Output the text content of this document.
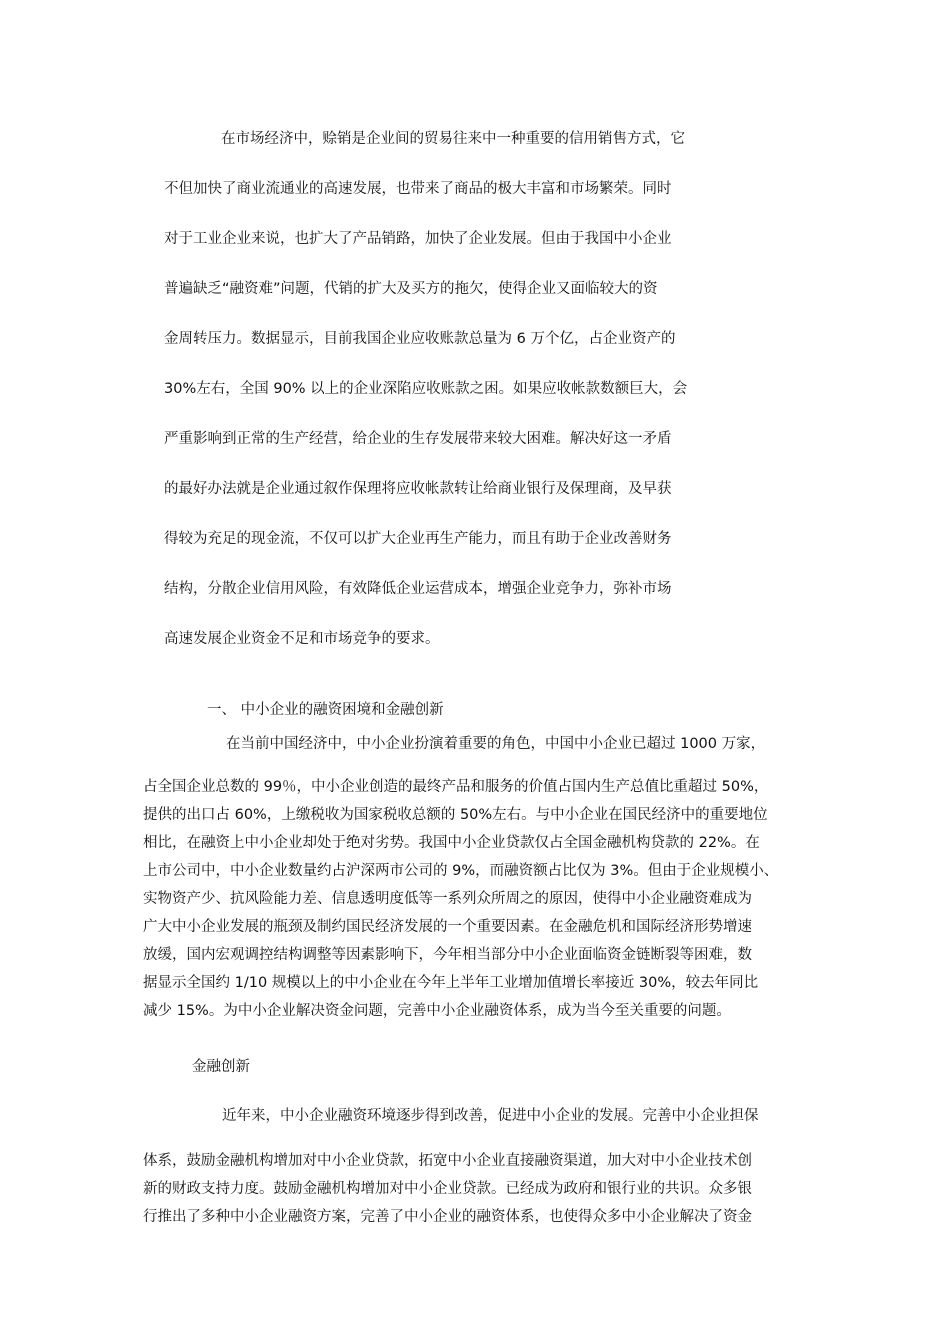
在市场经济中，赊销是企业间的贸易往来中一种重要的信用销售方式，它
不但加快了商业流通业的高速发展，也带来了商品的极大丰富和市场繁荣。同时
对于工业企业来说，也扩大了产品销路，加快了企业发展。但由于我国中小企业
普遍缺乏“融资难”问题，代销的扩大及买方的拖欠，使得企业又面临较大的资
金周转压力。数据显示，目前我国企业应收账款总量为 6 万个亿，占企业资产的
30%左右，全国 90% 以上的企业深陷应收账款之困。如果应收帐款数额巨大，会
严重影响到正常的生产经营，给企业的生存发展带来较大困难。解决好这一矛盾
的最好办法就是企业通过叙作保理将应收帐款转让给商业银行及保理商，及早获
得较为充足的现金流，不仅可以扩大企业再生产能力，而且有助于企业改善财务
结构，分散企业信用风险，有效降低企业运营成本，增强企业竞争力，弥补市场
高速发展企业资金不足和市场竞争的要求。
一、 中小企业的融资困境和金融创新
在当前中国经济中，中小企业扮演着重要的角色，中国中小企业已超过 1000 万家，
占全国企业总数的 99％，中小企业创造的最终产品和服务的价值占国内生产总值比重超过 50%，
提供的出口占 60%，上缴税收为国家税收总额的 50%左右。与中小企业在国民经济中的重要地位
相比，在融资上中小企业却处于绝对劣势。我国中小企业贷款仅占全国金融机构贷款的 22%。在
上市公司中，中小企业数量约占沪深两市公司的 9%，而融资额占比仅为 3%。但由于企业规模小、
实物资产少、抗风险能力差、信息透明度低等一系列众所周之的原因，使得中小企业融资难成为
广大中小企业发展的瓶颈及制约国民经济发展的一个重要因素。在金融危机和国际经济形势增速
放缓，国内宏观调控结构调整等因素影响下，今年相当部分中小企业面临资金链断裂等困难，数
据显示全国约 1/10 规模以上的中小企业在今年上半年工业增加值增长率接近 30%，较去年同比
减少 15%。为中小企业解决资金问题，完善中小企业融资体系，成为当今至关重要的问题。
金融创新
近年来，中小企业融资环境逐步得到改善，促进中小企业的发展。完善中小企业担保
体系，鼓励金融机构增加对中小企业贷款，拓宽中小企业直接融资渠道，加大对中小企业技术创
新的财政支持力度。鼓励金融机构增加对中小企业贷款。已经成为政府和银行业的共识。众多银
行推出了多种中小企业融资方案，完善了中小企业的融资体系，也使得众多中小企业解决了资金
